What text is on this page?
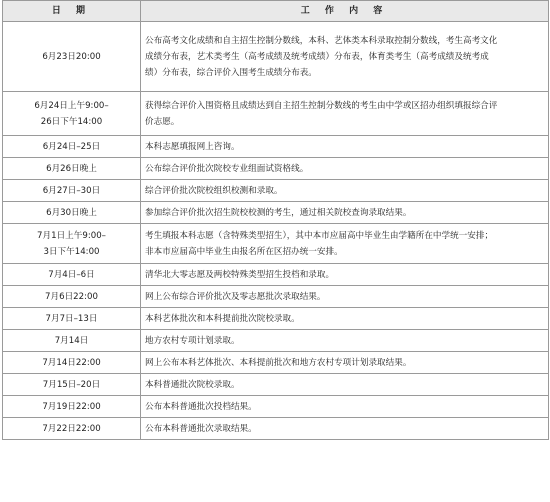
日 期	工 作 内 容

6月23日20:00	公布高考文化成绩和自主招生控制分数线，本科、艺体类本科录取控制分数线，考生高考文化
成绩分布表，艺术类考生（高考成绩及统考成绩）分布表，体育类考生（高考成绩及统考成
绩）分布表，综合评价入围考生成绩分布表。

6月24日上午9:00–
26日下午14:00	获得综合评价入围资格且成绩达到自主招生控制分数线的考生由中学或区招办组织填报综合评
价志愿。

6月24日–25日	本科志愿填报网上咨询。

6月26日晚上	公布综合评价批次院校专业组面试资格线。

6月27日–30日	综合评价批次院校组织校测和录取。

6月30日晚上	参加综合评价批次招生院校校测的考生，通过相关院校查询录取结果。

7月1日上午9:00–
3日下午14:00	考生填报本科志愿（含特殊类型招生），其中本市应届高中毕业生由学籍所在中学统一安排；
非本市应届高中毕业生由报名所在区招办统一安排。

7月4日–6日	清华北大零志愿及两校特殊类型招生投档和录取。

7月6日22:00	网上公布综合评价批次及零志愿批次录取结果。

7月7日–13日	本科艺体批次和本科提前批次院校录取。

7月14日	地方农村专项计划录取。

7月14日22:00	网上公布本科艺体批次、本科提前批次和地方农村专项计划录取结果。

7月15日–20日	本科普通批次院校录取。

7月19日22:00	公布本科普通批次投档结果。

7月22日22:00	公布本科普通批次录取结果。
